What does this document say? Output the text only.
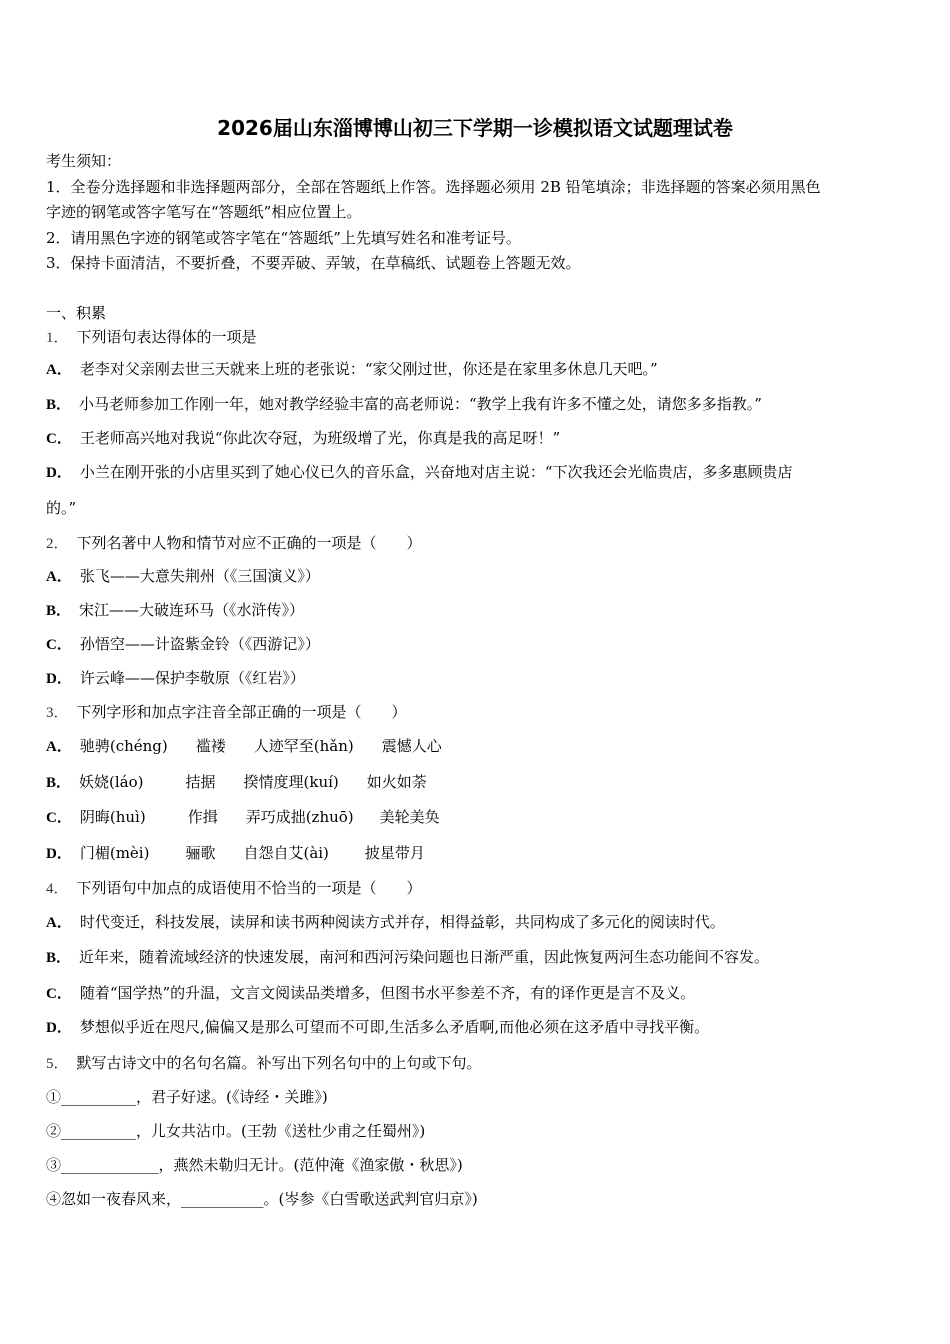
2026届山东淄博博山初三下学期一诊模拟语文试题理试卷
考生须知：
1．全卷分选择题和非选择题两部分，全部在答题纸上作答。选择题必须用 2B 铅笔填涂；非选择题的答案必须用黑色
字迹的钢笔或答字笔写在“答题纸”相应位置上。
2．请用黑色字迹的钢笔或答字笔在“答题纸”上先填写姓名和准考证号。
3．保持卡面清洁，不要折叠，不要弄破、弄皱，在草稿纸、试题卷上答题无效。
一、积累
1． 下列语句表达得体的一项是
A． 老李对父亲刚去世三天就来上班的老张说：“家父刚过世，你还是在家里多休息几天吧。”
B． 小马老师参加工作刚一年，她对教学经验丰富的高老师说：“教学上我有许多不懂之处，请您多多指教。”
C． 王老师高兴地对我说“你此次夺冠，为班级增了光，你真是我的高足呀！”
D． 小兰在刚开张的小店里买到了她心仪已久的音乐盒，兴奋地对店主说：“下次我还会光临贵店，多多惠顾贵店
的。”
2． 下列名著中人物和情节对应不正确的一项是（　　）
A． 张飞——大意失荆州（《三国演义》）
B． 宋江——大破连环马（《水浒传》）
C． 孙悟空——计盗紫金铃（《西游记》）
D． 许云峰——保护李敬原（《红岩》）
3． 下列字形和加点字注音全部正确的一项是（　　）
A． 驰骋(chéng) 褴褛 人迹罕至(hǎn) 震憾人心
B． 妖娆(láo)	拮据 揆情度理(kuí) 如火如荼
C． 阴晦(huì)	作揖 弄巧成拙(zhuō) 美轮美奂
D． 门楣(mèi) 骊歌 自怨自艾(ài) 披星带月
4． 下列语句中加点的成语使用不恰当的一项是（　　）
A． 时代变迁，科技发展，读屏和读书两种阅读方式并存，相得益彰，共同构成了多元化的阅读时代。
B． 近年来，随着流域经济的快速发展，南河和西河污染问题也日渐严重，因此恢复两河生态功能间不容发。
C． 随着“国学热”的升温，文言文阅读品类增多，但图书水平参差不齐，有的译作更是言不及义。
D． 梦想似乎近在咫尺,偏偏又是那么可望而不可即,生活多么矛盾啊,而他必须在这矛盾中寻找平衡。
5． 默写古诗文中的名句名篇。补写出下列名句中的上句或下句。
①__________，君子好逑。(《诗经・关雎》)
②__________，儿女共沾巾。(王勃《送杜少甫之任蜀州》)
③_____________，燕然未勒归无计。(范仲淹《渔家傲・秋思》)
④忽如一夜春风来，___________。(岑参《白雪歌送武判官归京》)
